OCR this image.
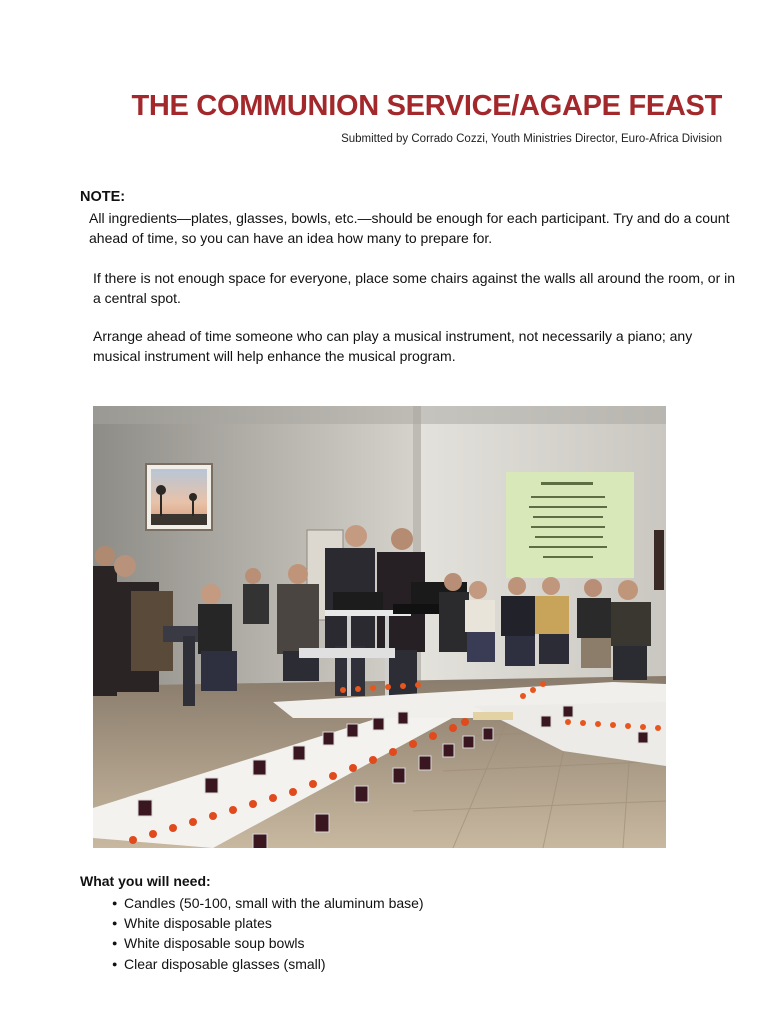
THE COMMUNION SERVICE/AGAPE FEAST
Submitted by Corrado Cozzi, Youth Ministries Director, Euro-Africa Division
NOTE:

All ingredients—plates, glasses, bowls, etc.—should be enough for each participant. Try and do a count ahead of time, so you can have an idea how many to prepare for.

If there is not enough space for everyone, place some chairs against the walls all around the room, or in a central spot.

Arrange ahead of time someone who can play a musical instrument, not necessarily a piano; any musical instrument will help enhance the musical program.

What you will need:
● Candles (50-100, small with the aluminum base)
● White disposable plates
● White disposable soup bowls
● Clear disposable glasses (small)
